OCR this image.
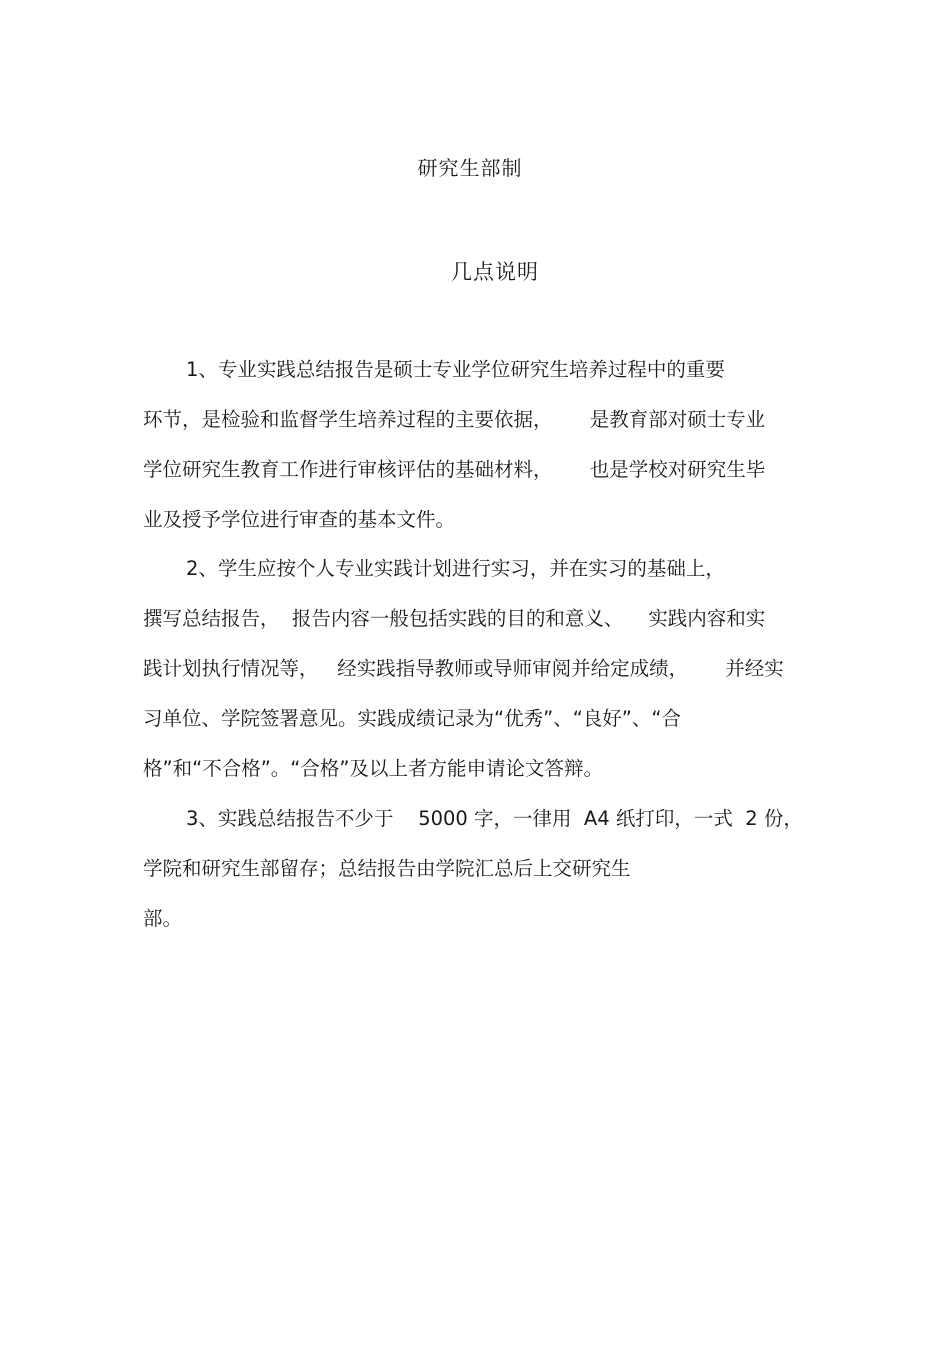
研究生部制
几点说明
1、专业实践总结报告是硕士专业学位研究生培养过程中的重要
环节，是检验和监督学生培养过程的主要依据，      是教育部对硕士专业
学位研究生教育工作进行审核评估的基础材料，      也是学校对研究生毕
业及授予学位进行审查的基本文件。
2、学生应按个人专业实践计划进行实习，并在实习的基础上，
撰写总结报告，  报告内容一般包括实践的目的和意义、    实践内容和实
践计划执行情况等，   经实践指导教师或导师审阅并给定成绩，      并经实
习单位、学院签署意见。实践成绩记录为“优秀”、“良好”、“合
格”和“不合格”。“合格”及以上者方能申请论文答辩。
3、实践总结报告不少于    5000 字，一律用  A4 纸打印，一式  2 份，
学院和研究生部留存；总结报告由学院汇总后上交研究生
部。
